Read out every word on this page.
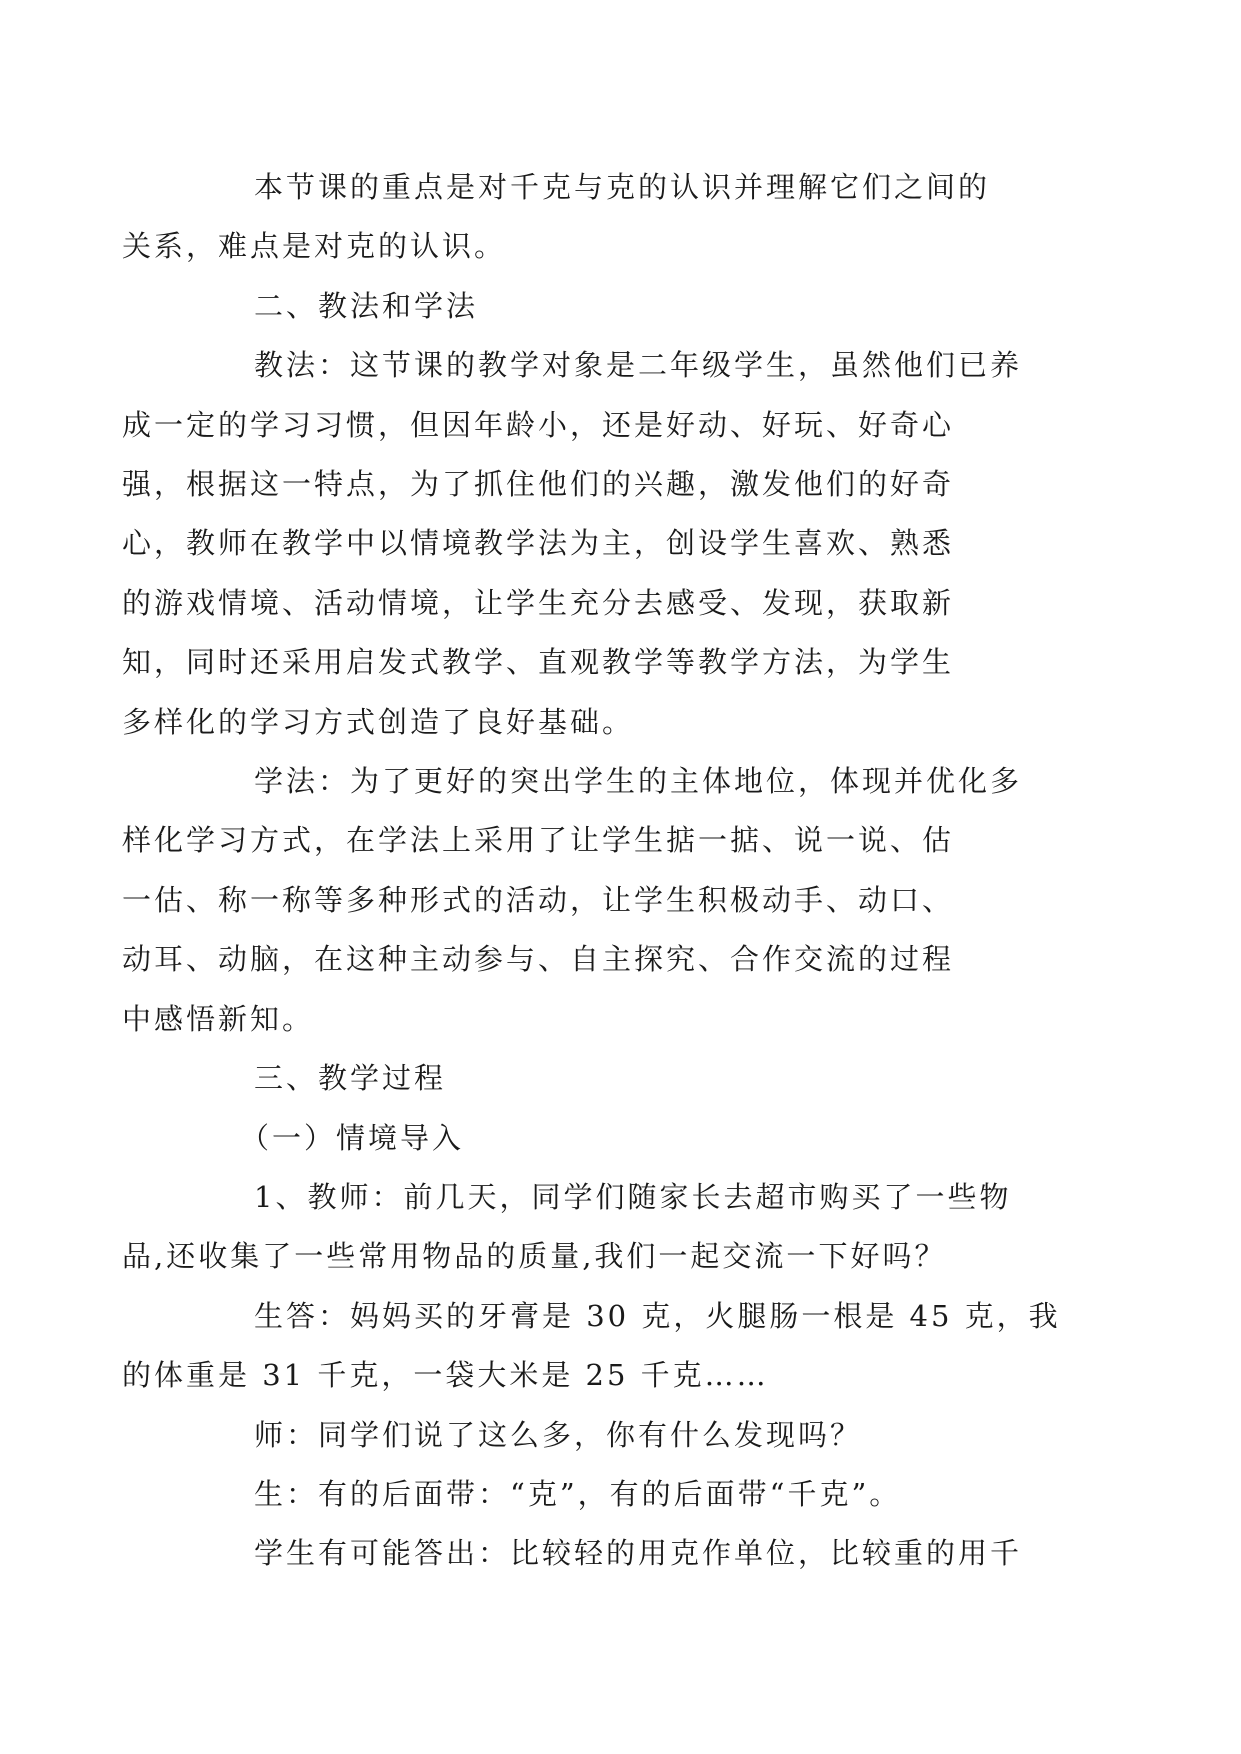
本节课的重点是对千克与克的认识并理解它们之间的
关系，难点是对克的认识。
二、教法和学法
教法：这节课的教学对象是二年级学生，虽然他们已养
成一定的学习习惯，但因年龄小，还是好动、好玩、好奇心
强，根据这一特点，为了抓住他们的兴趣，激发他们的好奇
心，教师在教学中以情境教学法为主，创设学生喜欢、熟悉
的游戏情境、活动情境，让学生充分去感受、发现，获取新
知，同时还采用启发式教学、直观教学等教学方法，为学生
多样化的学习方式创造了良好基础。
学法：为了更好的突出学生的主体地位，体现并优化多
样化学习方式，在学法上采用了让学生掂一掂、说一说、估
一估、称一称等多种形式的活动，让学生积极动手、动口、
动耳、动脑，在这种主动参与、自主探究、合作交流的过程
中感悟新知。
三、教学过程
（一）情境导入
1、教师：前几天，同学们随家长去超市购买了一些物
品,还收集了一些常用物品的质量,我们一起交流一下好吗？
生答：妈妈买的牙膏是 30 克，火腿肠一根是 45 克，我
的体重是 31 千克，一袋大米是 25 千克……
师：同学们说了这么多，你有什么发现吗？
生：有的后面带：“克”，有的后面带“千克”。
学生有可能答出：比较轻的用克作单位，比较重的用千
